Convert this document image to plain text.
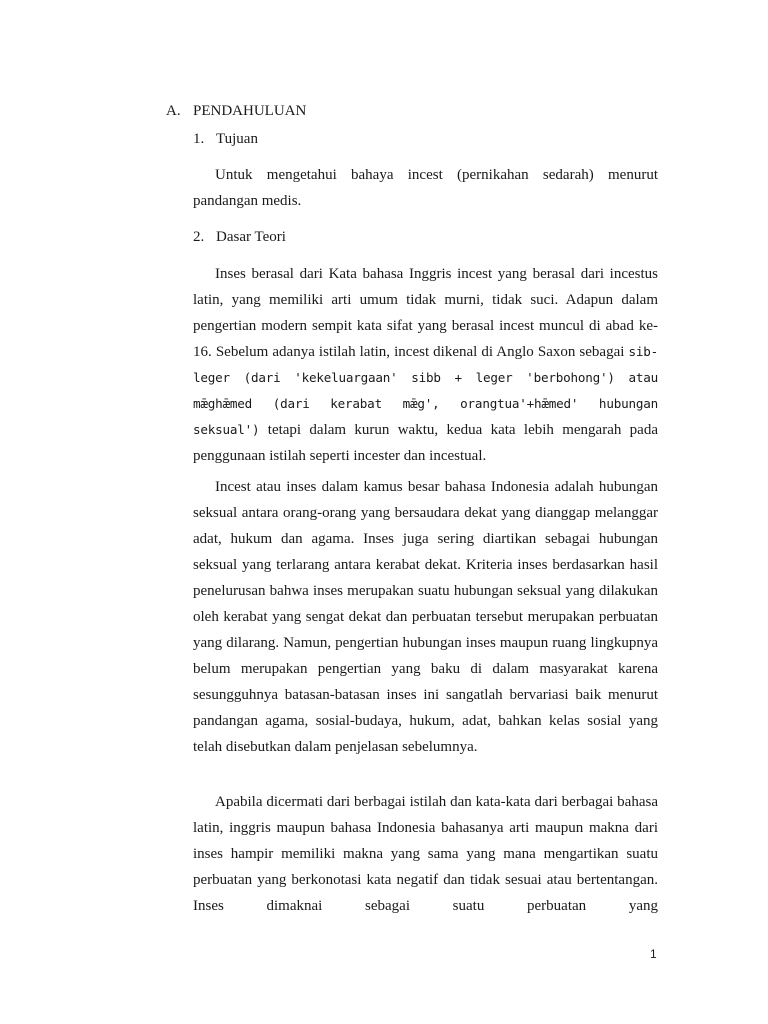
A. PENDAHULUAN
1. Tujuan

Untuk mengetahui bahaya incest (pernikahan sedarah) menurut pandangan medis.

2. Dasar Teori

Inses berasal dari Kata bahasa Inggris incest yang berasal dari incestus latin, yang memiliki arti umum tidak murni, tidak suci. Adapun dalam pengertian modern sempit kata sifat yang berasal incest muncul di abad ke-16. Sebelum adanya istilah latin, incest dikenal di Anglo Saxon sebagai sib-leger (dari 'kekeluargaan' sibb + leger 'berbohong') atau mǣghǣmed (dari kerabat mǣg', orangtua'+hǣmed' hubungan seksual') tetapi dalam kurun waktu, kedua kata lebih mengarah pada penggunaan istilah seperti incester dan incestual.

Incest atau inses dalam kamus besar bahasa Indonesia adalah hubungan seksual antara orang-orang yang bersaudara dekat yang dianggap melanggar adat, hukum dan agama. Inses juga sering diartikan sebagai hubungan seksual yang terlarang antara kerabat dekat. Kriteria inses berdasarkan hasil penelurusan bahwa inses merupakan suatu hubungan seksual yang dilakukan oleh kerabat yang sengat dekat dan perbuatan tersebut merupakan perbuatan yang dilarang. Namun, pengertian hubungan inses maupun ruang lingkupnya belum merupakan pengertian yang baku di dalam masyarakat karena sesungguhnya batasan-batasan inses ini sangatlah bervariasi baik menurut pandangan agama, sosial-budaya, hukum, adat, bahkan kelas sosial yang telah disebutkan dalam penjelasan sebelumnya.

Apabila dicermati dari berbagai istilah dan kata-kata dari berbagai bahasa latin, inggris maupun bahasa Indonesia bahasanya arti maupun makna dari inses hampir memiliki makna yang sama yang mana mengartikan suatu perbuatan yang berkonotasi kata negatif dan tidak sesuai atau bertentangan. Inses dimaknai sebagai suatu perbuatan yang

1
